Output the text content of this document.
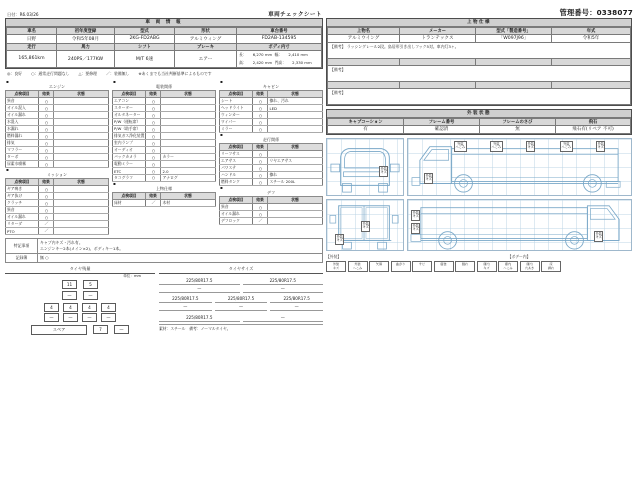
日付：R6.03/26	車両チェックシート	管理番号：0338077
車 両 情 報
車名	初年度登録	型式	形状	車台番号
日野	令和5年08月	2KG-FD2ABG	アルミウィング	FD2AB-134595
走行	馬力	シフト	ブレーキ	ボディ内寸
165,861km	240PS／177KW	M/T 6速	エアー	長： 6,270 mm 幅： 2,410 mm
高： 2,420 mm 門高： 2,330 mm
◎：良好 ○：通常走行問題なし △：要修理 ／：装備無し ※あくまでも当社判断基準によるものです
▪
エンジン
点検項目	結果	状態
異音	○	
オイル混入	○	
オイル漏れ	○	
水混入	○	
水漏れ	○	
燃料漏れ	○	
排気	○	
マフラー	○	
ターボ	○	
尿素水噴霧	○	
▪
ミッション
点検項目	結果	状態
ギア鳴き	○	
ギア抜け	○	
クラッチ	○	
異音	○	
オイル漏れ	○	
リターダ	／	
PTO	／	
▪
電装関係
点検項目	結果	状態
エアコン	○	
スターター	○	
オルタネーター	○	
P/W（運転席）	○	
P/W（助手席）	○	
排気ガス浄化装置	○	
室内ランプ	○	
オーディオ	○	
バックカメラ	○	カラー
電動ミラー	○	
ETC	○	2.0
タコグラフ	○	アナログ
▪
上物仕様
点検項目	結果	状態
床材	／	木材
▪
キャビン
点検項目	結果	状態
シート	○	擦れ、汚れ
ヘッドライト	○	LED
ウィンカー	○	
ワイパー	○	
ミラー	○	
▪
走行関係
点検項目	結果	状態
リーフサス	○	
エアサス	○	リヤエアサス
パワステ	○	
ハンドル	○	擦れ
燃料タンク	○	スチール 200L
▪
デフ
点検項目	結果	状態
異音	○	
オイル漏れ	○	
デフロック	／	
特記事項	キャブ内キズ・汚れ有。
エンジンキー2本(メイン×2)、ボディキー1本。

記録簿	無 ○
タイヤ残量
単位：mm
11	5
—	—
4	4	4	4
—	—	—	—
スペア	7	—
タイヤサイズ
225/80R17.5	225/80R17.5
—	—
225/80R17.5	225/80R17.5	225/80R17.5
—	—	—
225/80R17.5	—
素材：スチール　備考：ノーマルタイヤ。
上物仕様
上物名	メーカー	型式「製造番号」	年式
アルミウイング	トランテックス	「W097J96」	令和5年

【備考】 ラッシングレール2段。鳥居形引き出しフック5対。車内灯3ヶ。			

【備考】			

【備考】			
外装状態
キャブコーション	フレーム番号	フレームのさび	飛石
有	確認済	無	飛石有(リペア 不可)
外装
キズ
外装
へこみ
外装
へこみ
外装
キズ
外装
へこみ
外装
キズ
外装
キズ
外装
キズ
外装
キズ
外装
キズ
外装
キズ
外装
キズ
【外装】	【ボデー内】
外装
キズ
外装
へこみ
矢傷	曲がり	サビ	腐食	割れ	庫内
キズ
庫内
へこみ
庫内
穴あき
床
剥れ
